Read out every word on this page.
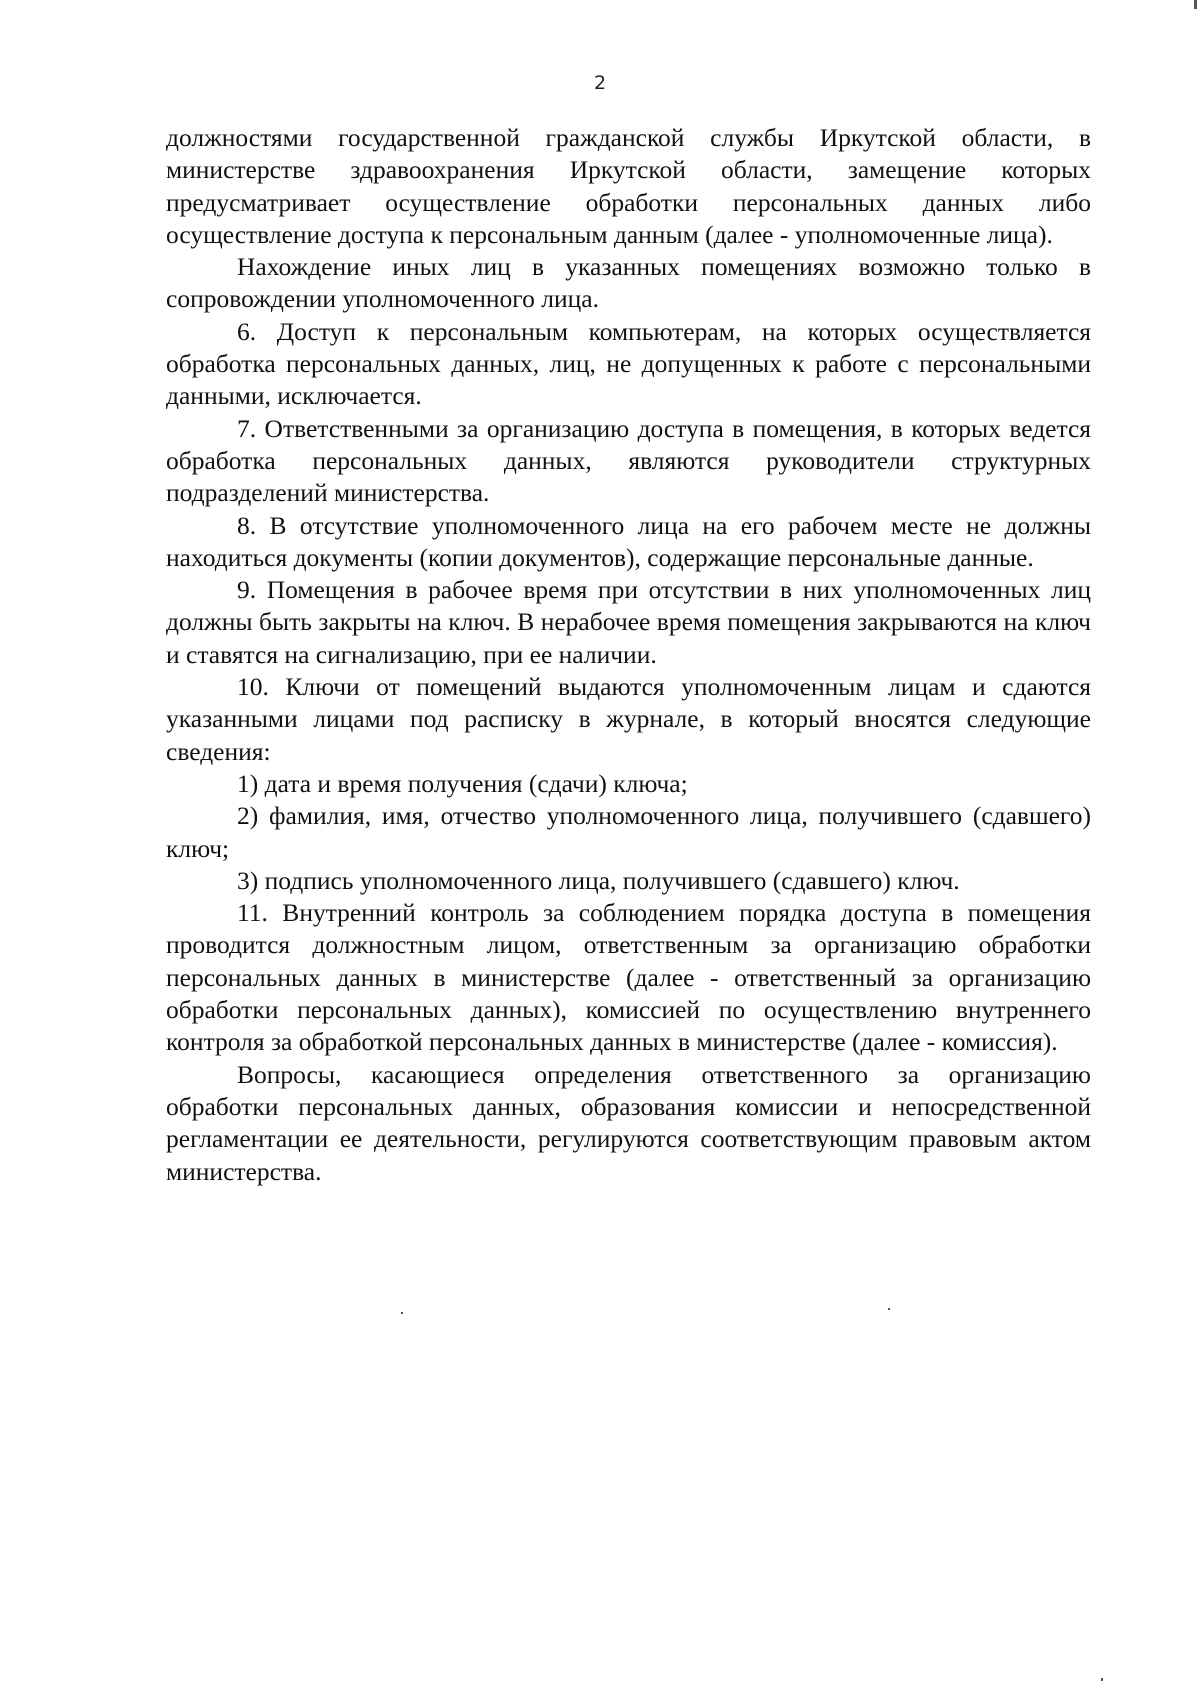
2

должностями государственной гражданской службы Иркутской области, в министерстве здравоохранения Иркутской области, замещение которых предусматривает осуществление обработки персональных данных либо осуществление доступа к персональным данным (далее - уполномоченные лица).

Нахождение иных лиц в указанных помещениях возможно только в сопровождении уполномоченного лица.

6. Доступ к персональным компьютерам, на которых осуществляется обработка персональных данных, лиц, не допущенных к работе с персональными данными, исключается.

7. Ответственными за организацию доступа в помещения, в которых ведется обработка персональных данных, являются руководители структурных подразделений министерства.

8. В отсутствие уполномоченного лица на его рабочем месте не должны находиться документы (копии документов), содержащие персональные данные.

9. Помещения в рабочее время при отсутствии в них уполномоченных лиц должны быть закрыты на ключ. В нерабочее время помещения закрываются на ключ и ставятся на сигнализацию, при ее наличии.

10. Ключи от помещений выдаются уполномоченным лицам и сдаются указанными лицами под расписку в журнале, в который вносятся следующие сведения:

1) дата и время получения (сдачи) ключа;

2) фамилия, имя, отчество уполномоченного лица, получившего (сдавшего) ключ;

3) подпись уполномоченного лица, получившего (сдавшего) ключ.

11. Внутренний контроль за соблюдением порядка доступа в помещения проводится должностным лицом, ответственным за организацию обработки персональных данных в министерстве (далее - ответственный за организацию обработки персональных данных), комиссией по осуществлению внутреннего контроля за обработкой персональных данных в министерстве (далее - комиссия).

Вопросы, касающиеся определения ответственного за организацию обработки персональных данных, образования комиссии и непосредственной регламентации ее деятельности, регулируются соответствующим правовым актом министерства.
